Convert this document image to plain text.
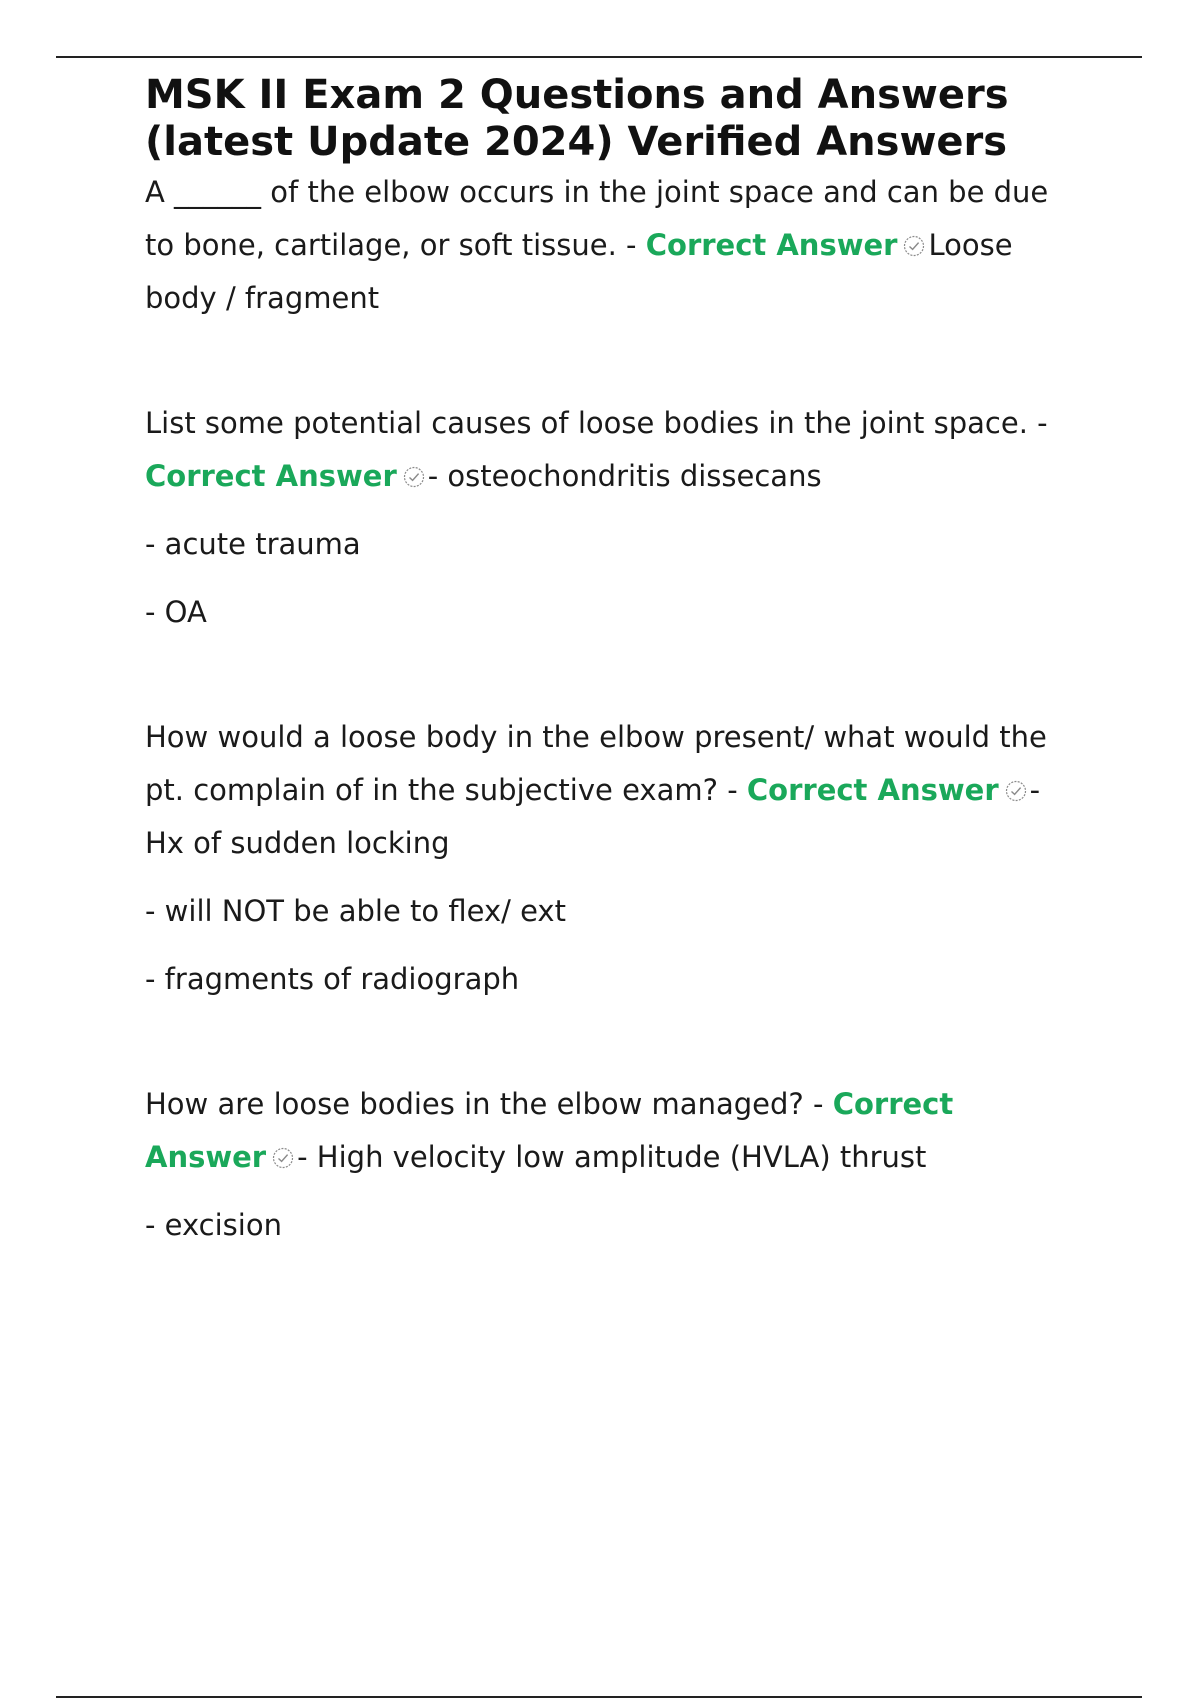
MSK II Exam 2 Questions and Answers
(latest Update 2024) Verified Answers

A ______ of the elbow occurs in the joint space and can be due
to bone, cartilage, or soft tissue. - Correct Answer Loose
body / fragment

List some potential causes of loose bodies in the joint space. -
Correct Answer - osteochondritis dissecans

- acute trauma

- OA

How would a loose body in the elbow present/ what would the
pt. complain of in the subjective exam? - Correct Answer -
Hx of sudden locking

- will NOT be able to flex/ ext

- fragments of radiograph

How are loose bodies in the elbow managed? - Correct
Answer - High velocity low amplitude (HVLA) thrust

- excision
